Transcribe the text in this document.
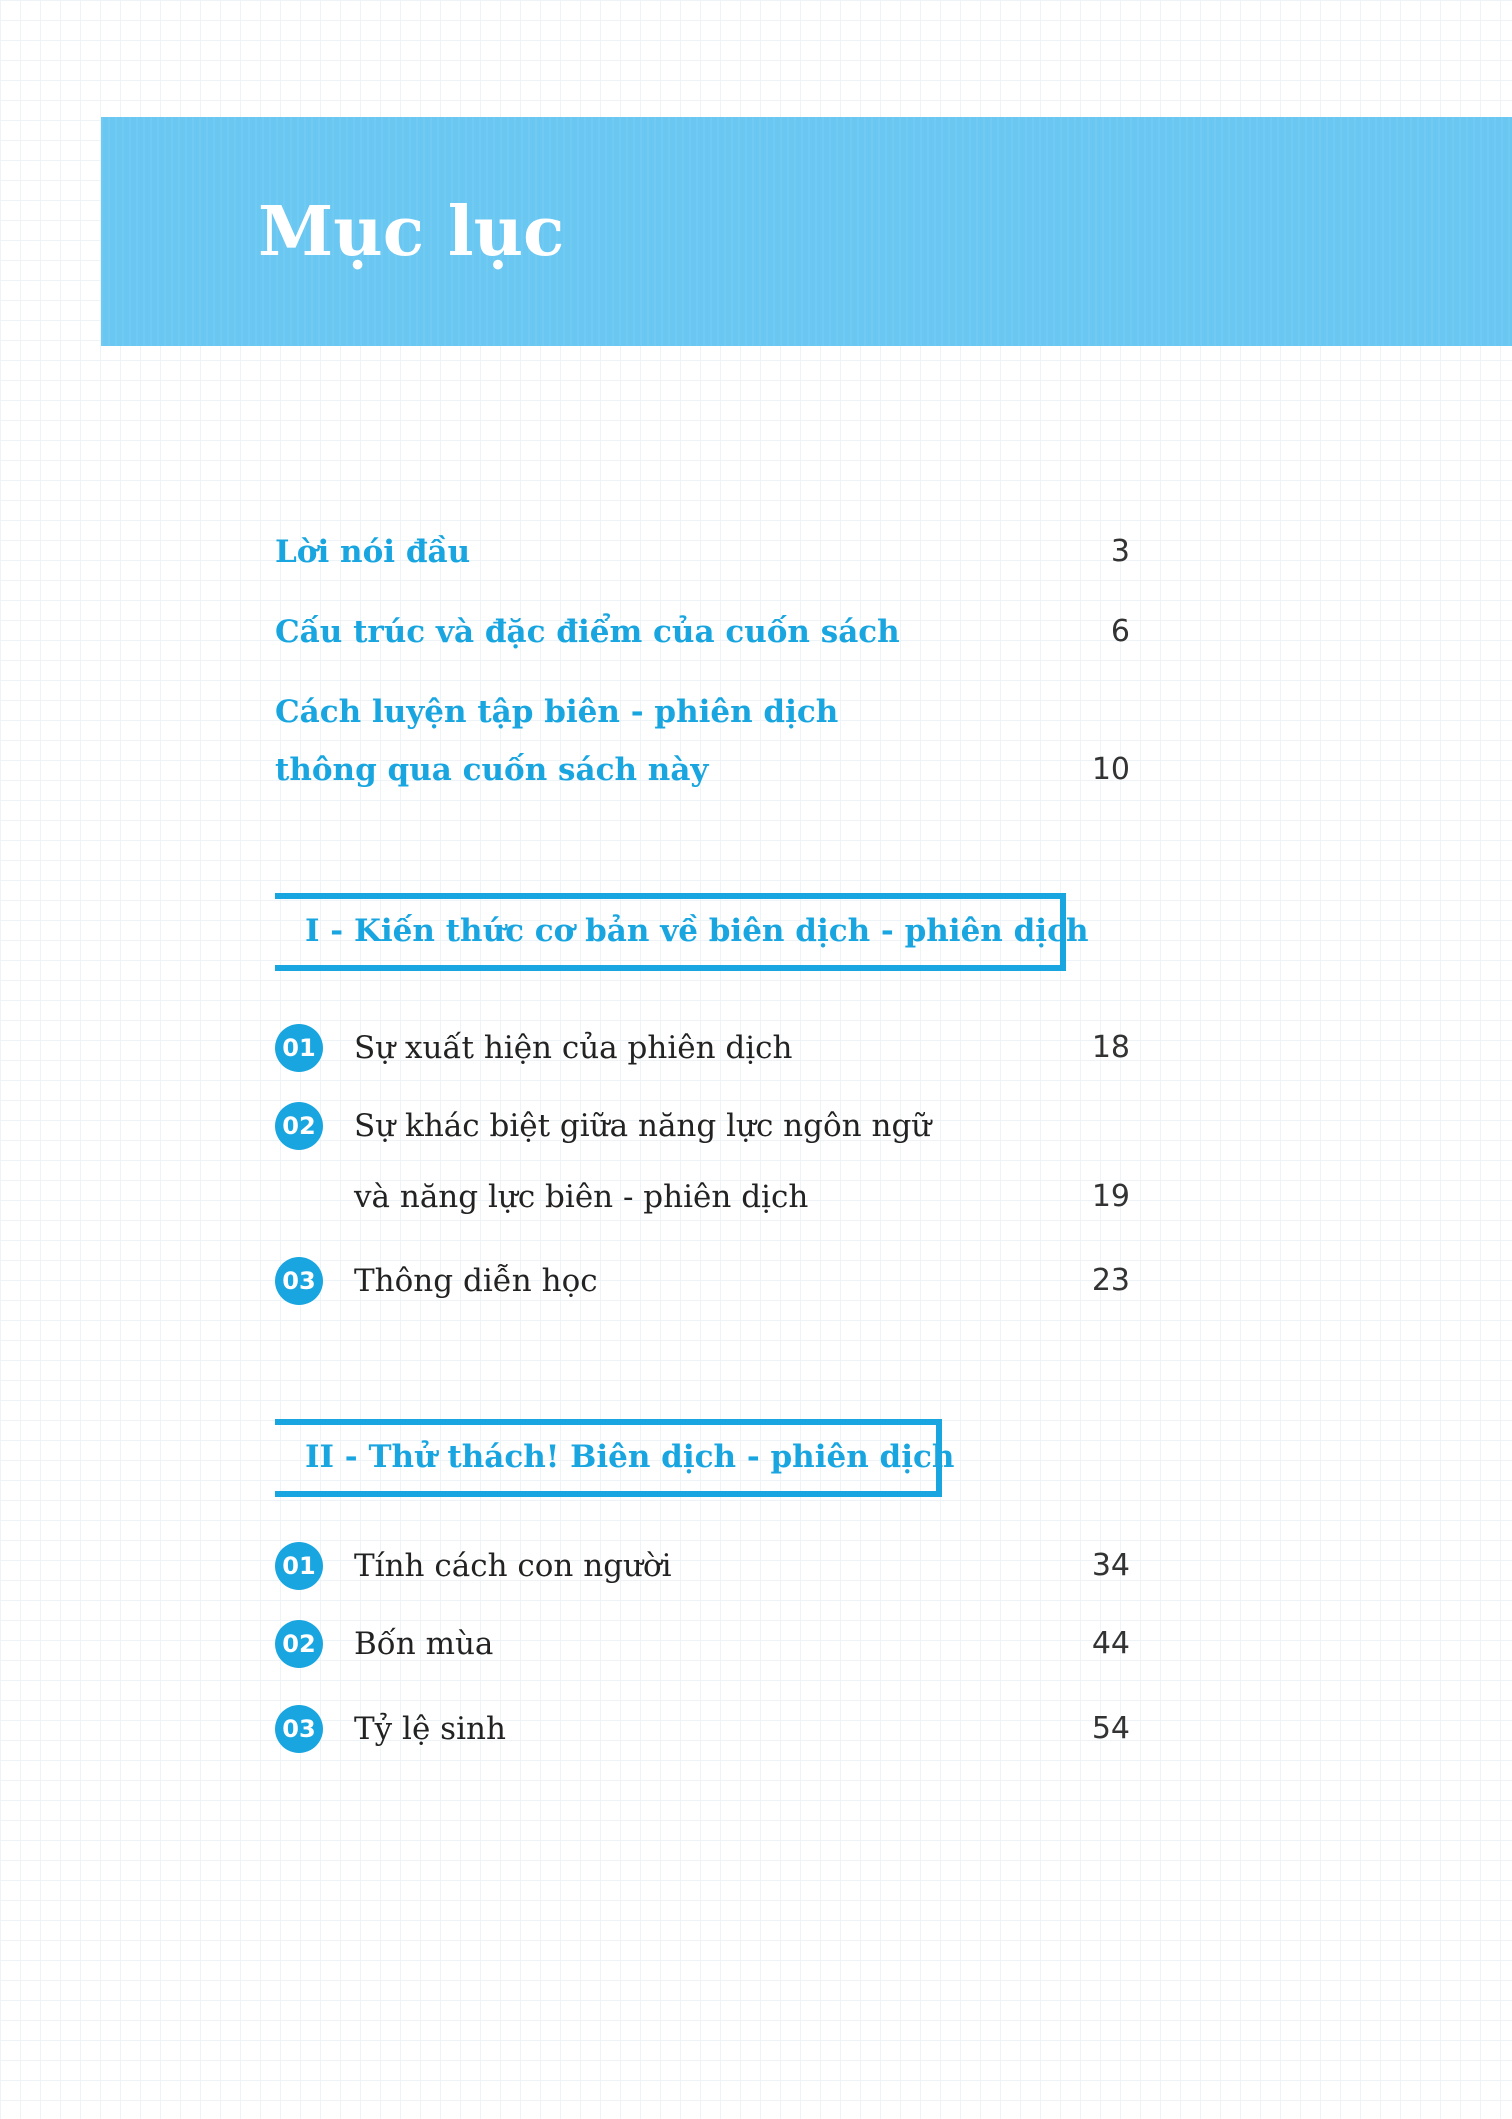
Mục lục
Lời nói đầu	3
Cấu trúc và đặc điểm của cuốn sách	6
Cách luyện tập biên - phiên dịch
thông qua cuốn sách này	10
I - Kiến thức cơ bản về biên dịch - phiên dịch
01 Sự xuất hiện của phiên dịch	18
02 Sự khác biệt giữa năng lực ngôn ngữ
và năng lực biên - phiên dịch	19
03 Thông diễn học	23
II - Thử thách! Biên dịch - phiên dịch
01 Tính cách con người	34
02 Bốn mùa	44
03 Tỷ lệ sinh	54
